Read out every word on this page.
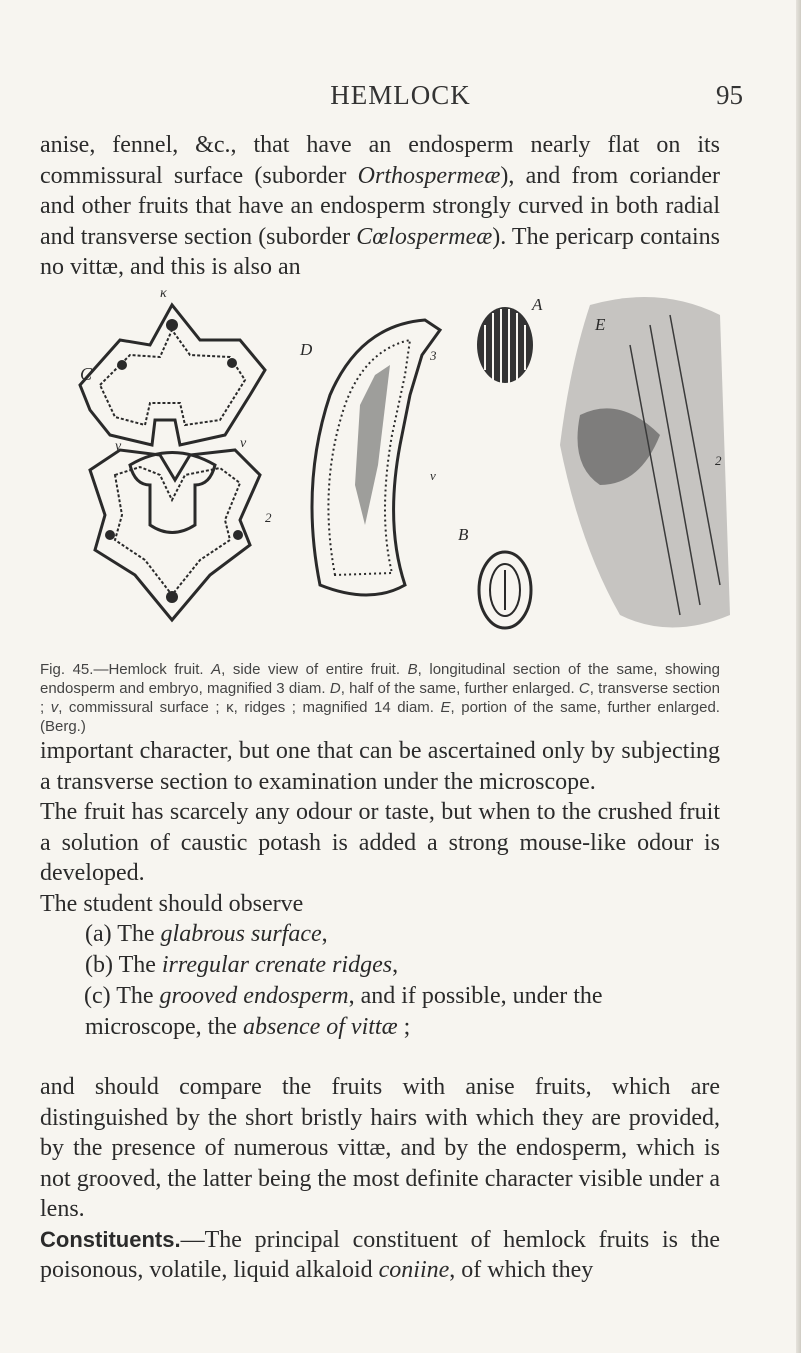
HEMLOCK	95
anise, fennel, &c., that have an endosperm nearly flat on its commissural surface (suborder Orthospermeæ), and from coriander and other fruits that have an endosperm strongly curved in both radial and transverse section (suborder Cœlospermeæ). The pericarp contains no vittæ, and this is also an
C
v	v
κ
2
D
v
3
A
B
E
2
Fig. 45.—Hemlock fruit. A, side view of entire fruit. B, longitudinal section of the same, showing endosperm and embryo, magnified 3 diam. D, half of the same, further enlarged. C, transverse section ; v, commissural surface ; κ, ridges ; magnified 14 diam. E, portion of the same, further enlarged. (Berg.)
important character, but one that can be ascertained only by subjecting a transverse section to examination under the microscope.
The fruit has scarcely any odour or taste, but when to the crushed fruit a solution of caustic potash is added a strong mouse-like odour is developed.
The student should observe
(a) The glabrous surface,
(b) The irregular crenate ridges,
(c) The grooved endosperm, and if possible, under the microscope, the absence of vittæ ;
and should compare the fruits with anise fruits, which are distinguished by the short bristly hairs with which they are provided, by the presence of numerous vittæ, and by the endosperm, which is not grooved, the latter being the most definite character visible under a lens.
Constituents.—The principal constituent of hemlock fruits is the poisonous, volatile, liquid alkaloid coniine, of which they
